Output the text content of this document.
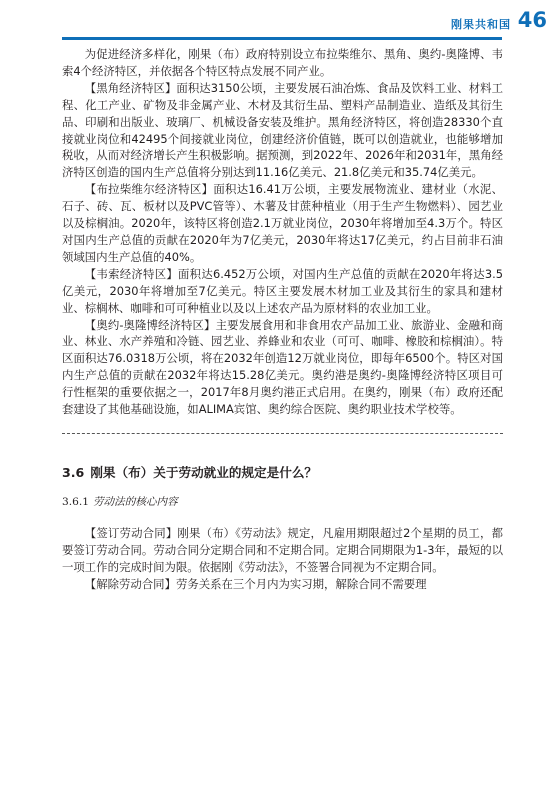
刚果共和国 46

为促进经济多样化，刚果（布）政府特别设立布拉柴维尔、黑角、奥约-奥隆博、韦索4个经济特区，并依据各个特区特点发展不同产业。

【 黑角经济特区 】 面积达3150公顷，主要发展石油冶炼、食品及饮料工业、材料工程、化工产业、矿物及非金属产业、木材及其衍生品、塑料产品制造业、造纸及其衍生品、印刷和出版业、玻璃厂、机械设备安装及维护。黑角经济特区，将创造28330个直接就业岗位和42495个间接就业岗位，创建经济价值链，既可以创造就业，也能够增加税收，从而对经济增长产生积极影响。据预测，到2022年、2026年和2031年，黑角经济特区创造的国内生产总值将分别达到11.16亿美元、21.8亿美元和35.74亿美元。

【 布拉柴维尔经济特区 】 面积达16.41万公顷，主要发展物流业、建材业（水泥、石子、砖、瓦、板材以及PVC管等）、木薯及甘蔗种植业（用于生产生物燃料）、园艺业以及棕榈油。2020年，该特区将创造2.1万就业岗位，2030年将增加至4.3万个。特区对国内生产总值的贡献在2020年为7亿美元，2030年将达17亿美元，约占目前非石油领域国内生产总值的40%。

【 韦索经济特区 】 面积达6.452万公顷，对国内生产总值的贡献在2020年将达3.5亿美元，2030年将增加至7亿美元。特区主要发展木材加工业及其衍生的家具和建材业、棕榈林、咖啡和可可种植业以及以上述农产品为原材料的农业加工业。

【 奥约-奥隆博经济特区 】 主要发展食用和非食用农产品加工业、旅游业、金融和商业、林业、水产养殖和冷链、园艺业、养蜂业和农业（可可、咖啡、橡胶和棕榈油）。特区面积达76.0318万公顷，将在2032年创造12万就业岗位，即每年6500个。特区对国内生产总值的贡献在2032年将达15.28亿美元。奥约港是奥约-奥隆博经济特区项目可行性框架的重要依据之一，2017年8月奥约港正式启用。在奥约，刚果（布）政府还配套建设了其他基础设施，如ALIMA宾馆、奥约综合医院、奥约职业技术学校等。

3.6 刚果（布）关于劳动就业的规定是什么？
3.6.1 劳动法的核心内容

【 签订劳动合同 】 刚果（布）《劳动法》规定，凡雇用期限超过2个星期的员工，都要签订劳动合同。劳动合同分定期合同和不定期合同。定期合同期限为1-3年，最短的以一项工作的完成时间为限。依据刚《劳动法》，不签署合同视为不定期合同。

【 解除劳动合同 】 劳务关系在三个月内为实习期，解除合同不需要理
